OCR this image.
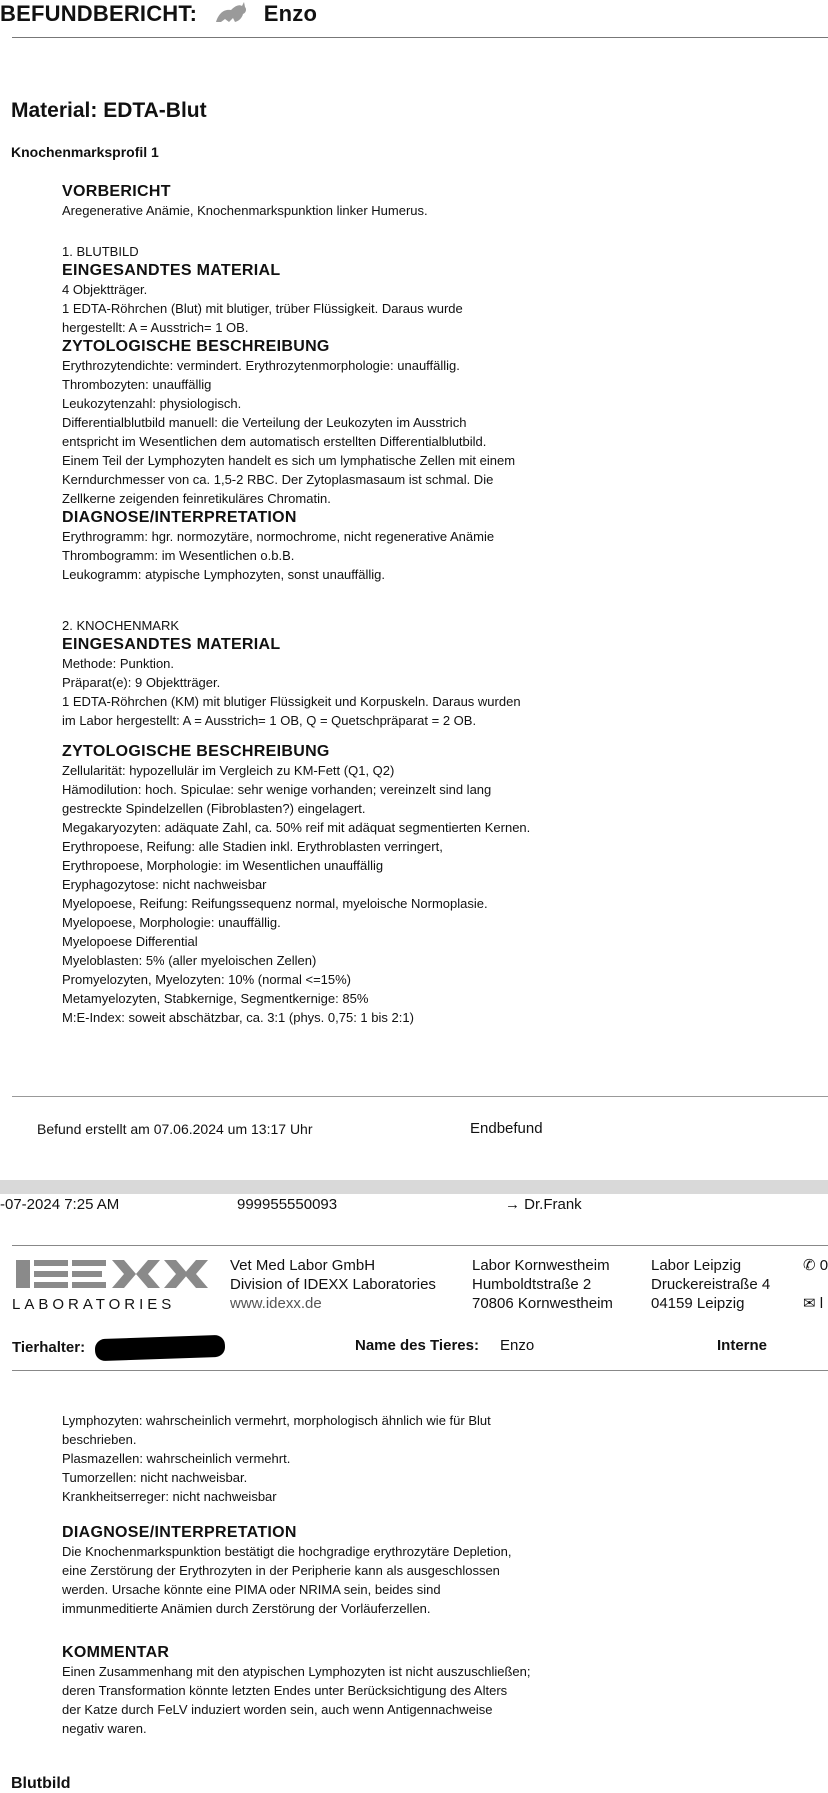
BEFUNDBERICHT:	Enzo
Material: EDTA-Blut
Knochenmarksprofil 1
VORBERICHT
Aregenerative Anämie, Knochenmarkspunktion linker Humerus.
1. BLUTBILD
EINGESANDTES MATERIAL
4 Objektträger.
1 EDTA-Röhrchen (Blut) mit blutiger, trüber Flüssigkeit. Daraus wurde
hergestellt: A = Ausstrich= 1 OB.
ZYTOLOGISCHE BESCHREIBUNG
Erythrozytendichte: vermindert. Erythrozytenmorphologie: unauffällig.
Thrombozyten: unauffällig
Leukozytenzahl: physiologisch.
Differentialblutbild manuell: die Verteilung der Leukozyten im Ausstrich
entspricht im Wesentlichen dem automatisch erstellten Differentialblutbild.
Einem Teil der Lymphozyten handelt es sich um lymphatische Zellen mit einem
Kerndurchmesser von ca. 1,5-2 RBC. Der Zytoplasmasaum ist schmal. Die
Zellkerne zeigenden feinretikuläres Chromatin.
DIAGNOSE/INTERPRETATION
Erythrogramm: hgr. normozytäre, normochrome, nicht regenerative Anämie
Thrombogramm: im Wesentlichen o.b.B.
Leukogramm: atypische Lymphozyten, sonst unauffällig.
2. KNOCHENMARK
EINGESANDTES MATERIAL
Methode: Punktion.
Präparat(e): 9 Objektträger.
1 EDTA-Röhrchen (KM) mit blutiger Flüssigkeit und Korpuskeln. Daraus wurden
im Labor hergestellt: A = Ausstrich= 1 OB, Q = Quetschpräparat = 2 OB.
ZYTOLOGISCHE BESCHREIBUNG
Zellularität: hypozellulär im Vergleich zu KM-Fett (Q1, Q2)
Hämodilution: hoch. Spiculae: sehr wenige vorhanden; vereinzelt sind lang
gestreckte Spindelzellen (Fibroblasten?) eingelagert.
Megakaryozyten: adäquate Zahl, ca. 50% reif mit adäquat segmentierten Kernen.
Erythropoese, Reifung: alle Stadien inkl. Erythroblasten verringert,
Erythropoese, Morphologie: im Wesentlichen unauffällig
Eryphagozytose: nicht nachweisbar
Myelopoese, Reifung: Reifungssequenz normal, myeloische Normoplasie.
Myelopoese, Morphologie: unauffällig.
Myelopoese Differential
Myeloblasten: 5% (aller myeloischen Zellen)
Promyelozyten, Myelozyten: 10% (normal <=15%)
Metamyelozyten, Stabkernige, Segmentkernige: 85%
M:E-Index: soweit abschätzbar, ca. 3:1 (phys. 0,75: 1 bis 2:1)
Befund erstellt am 07.06.2024 um 13:17 Uhr	Endbefund
-07-2024 7:25 AM	999955550093	→ Dr.Frank
LABORATORIES
Vet Med Labor GmbH
Division of IDEXX Laboratories
www.idexx.de
Labor Kornwestheim
Humboldtstraße 2
70806 Kornwestheim
Labor Leipzig
Druckereistraße 4
04159 Leipzig
✆ 0

✉ l
Tierhalter:	Name des Tieres: Enzo	Interne
Lymphozyten: wahrscheinlich vermehrt, morphologisch ähnlich wie für Blut
beschrieben.
Plasmazellen: wahrscheinlich vermehrt.
Tumorzellen: nicht nachweisbar.
Krankheitserreger: nicht nachweisbar
DIAGNOSE/INTERPRETATION
Die Knochenmarkspunktion bestätigt die hochgradige erythrozytäre Depletion,
eine Zerstörung der Erythrozyten in der Peripherie kann als ausgeschlossen
werden. Ursache könnte eine PIMA oder NRIMA sein, beides sind
immunmeditierte Anämien durch Zerstörung der Vorläuferzellen.
KOMMENTAR
Einen Zusammenhang mit den atypischen Lymphozyten ist nicht auszuschließen;
deren Transformation könnte letzten Endes unter Berücksichtigung des Alters
der Katze durch FeLV induziert worden sein, auch wenn Antigennachweise
negativ waren.
Blutbild
